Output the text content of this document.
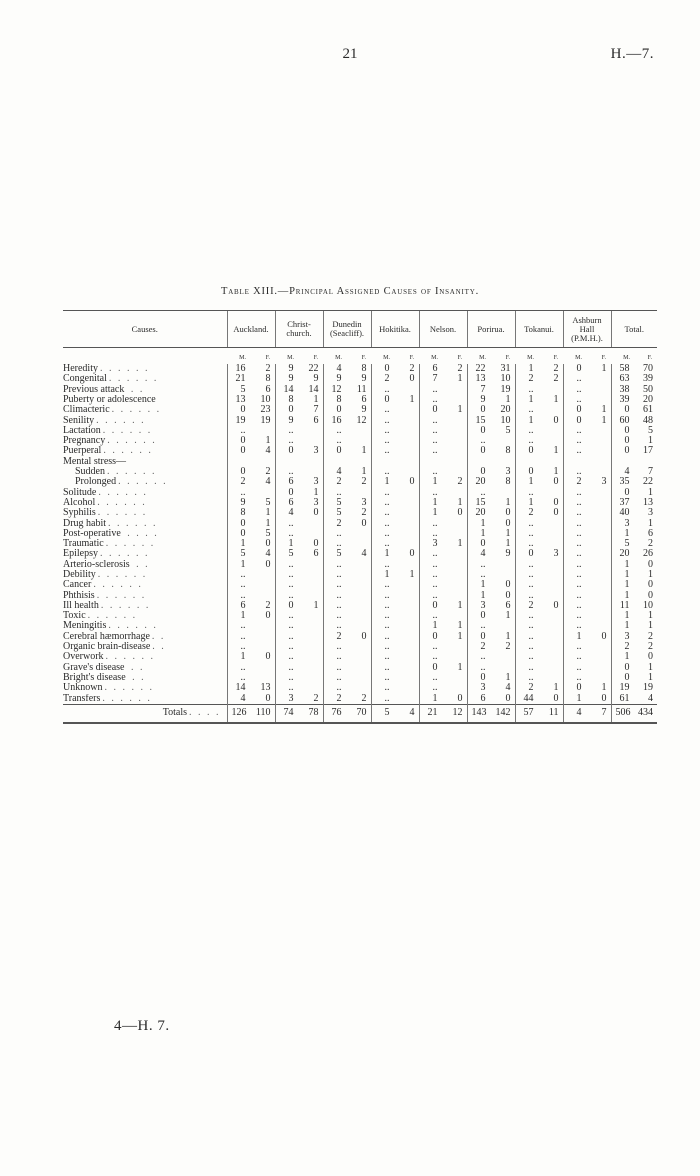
21	H.—7.
Table XIII.—Principal Assigned Causes of Insanity.
Causes.	Auckland.	Christ-church.	Dunedin (Seacliff).	Hokitika.	Nelson.	Porirua.	Tokanui.	Ashburn Hall (P.M.H.).	Total.

	M. F.	M. F.	M. F.	M. F.	M. F.	M. F.	M. F.	M. F.	M. F.

Heredity . . . . . .	16 2	9 22	4 8	0 2	6 2	22 31	1 2	0 1	58 70

Congenital . . . . . .	21 8	9 9	9 9	2 0	7 1	13 10	2 2	..	63 39

Previous attack . .	5 6	14 14	12 11	..	..	7 19	..	..	38 50

Puberty or adolescence	13 10	8 1	8 6	0 1	..	9 1	1 1	..	39 20

Climacteric . . . . . .	0 23	0 7	0 9	..	0 1	0 20	..	0 1	0 61

Senility . . . . . .	19 19	9 6	16 12	..	..	15 10	1 0	0 1	60 48

Lactation . . . . . .	..	..	..	..	..	0 5	..	..	0 5

Pregnancy . . . . . .	0 1	..	..	..	..	..	..	..	0 1

Puerperal . . . . . .	0 4	0 3	0 1	..	..	0 8	0 1	..	0 17

Mental stress—	

Sudden . . . . . .	0 2	..	4 1	..	..	0 3	0 1	..	4 7

Prolonged . . . . . .	2 4	6 3	2 2	1 0	1 2	20 8	1 0	2 3	35 22

Solitude . . . . . .	..	0 1	..	..	..	..	..	..	0 1

Alcohol . . . . . .	9 5	6 3	5 3	..	1 1	15 1	1 0	..	37 13

Syphilis . . . . . .	8 1	4 0	5 2	..	1 0	20 0	2 0	..	40 3

Drug habit . . . . . .	0 1	..	2 0	..	..	1 0	..	..	3 1

Post-operative . . . .	0 5	..	..	..	..	1 1	..	..	1 6

Traumatic . . . . . .	1 0	1 0	..	..	3 1	0 1	..	..	5 2

Epilepsy . . . . . .	5 4	5 6	5 4	1 0	..	4 9	0 3	..	20 26

Arterio-sclerosis . .	1 0	..	..	..	..	..	..	..	1 0

Debility . . . . . .	..	..	..	1 1	..	..	..	..	1 1

Cancer . . . . . .	..	..	..	..	..	1 0	..	..	1 0

Phthisis . . . . . .	..	..	..	..	..	1 0	..	..	1 0

Ill health . . . . . .	6 2	0 1	..	..	0 1	3 6	2 0	..	11 10

Toxic . . . . . .	1 0	..	..	..	..	0 1	..	..	1 1

Meningitis . . . . . .	..	..	..	..	1 1	..	..	..	1 1

Cerebral hæmorrhage . .	..	..	2 0	..	0 1	0 1	..	1 0	3 2

Organic brain-disease . .	..	..	..	..	..	2 2	..	..	2 2

Overwork . . . . . .	1 0	..	..	..	..	..	..	..	1 0

Grave's disease . .	..	..	..	..	0 1	..	..	..	0 1

Bright's disease . .	..	..	..	..	..	0 1	..	..	0 1

Unknown . . . . . .	14 13	..	..	..	..	3 4	2 1	0 1	19 19

Transfers . . . . . .	4 0	3 2	2 2	..	1 0	6 0	44 0	1 0	61 4

Totals . . . .	126 110	74 78	76 70	5 4	21 12	143 142	57 11	4 7	506 434
4—H. 7.
